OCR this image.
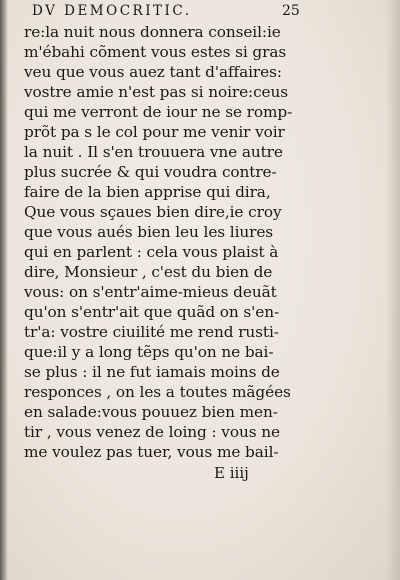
DV DEMOCRITIC.	25
re:la nuit nous donnera conseil:ie
m'ébahi cõment vous estes si gras
veu que vous auez tant d'affaires:
vostre amie n'est pas si noire:ceus
qui me verront de iour ne se romp-
prõt pa s le col pour me venir voir
la nuit . Il s'en trouuera vne autre
plus sucrée & qui voudra contre-
faire de la bien apprise qui dira,
Que vous sçaues bien dire,ie croy
que vous aués bien leu les liures
qui en parlent : cela vous plaist à
dire, Monsieur , c'est du bien de
vous: on s'entr'aime-mieus deuãt
qu'on s'entr'ait que quãd on s'en-
tr'a: vostre ciuilité me rend rusti-
que:il y a long tẽps qu'on ne bai-
se plus : il ne fut iamais moins de
responces , on les a toutes mãgées
en salade:vous pouuez bien men-
tir , vous venez de loing : vous ne
me voulez pas tuer, vous me bail-
E iiij
